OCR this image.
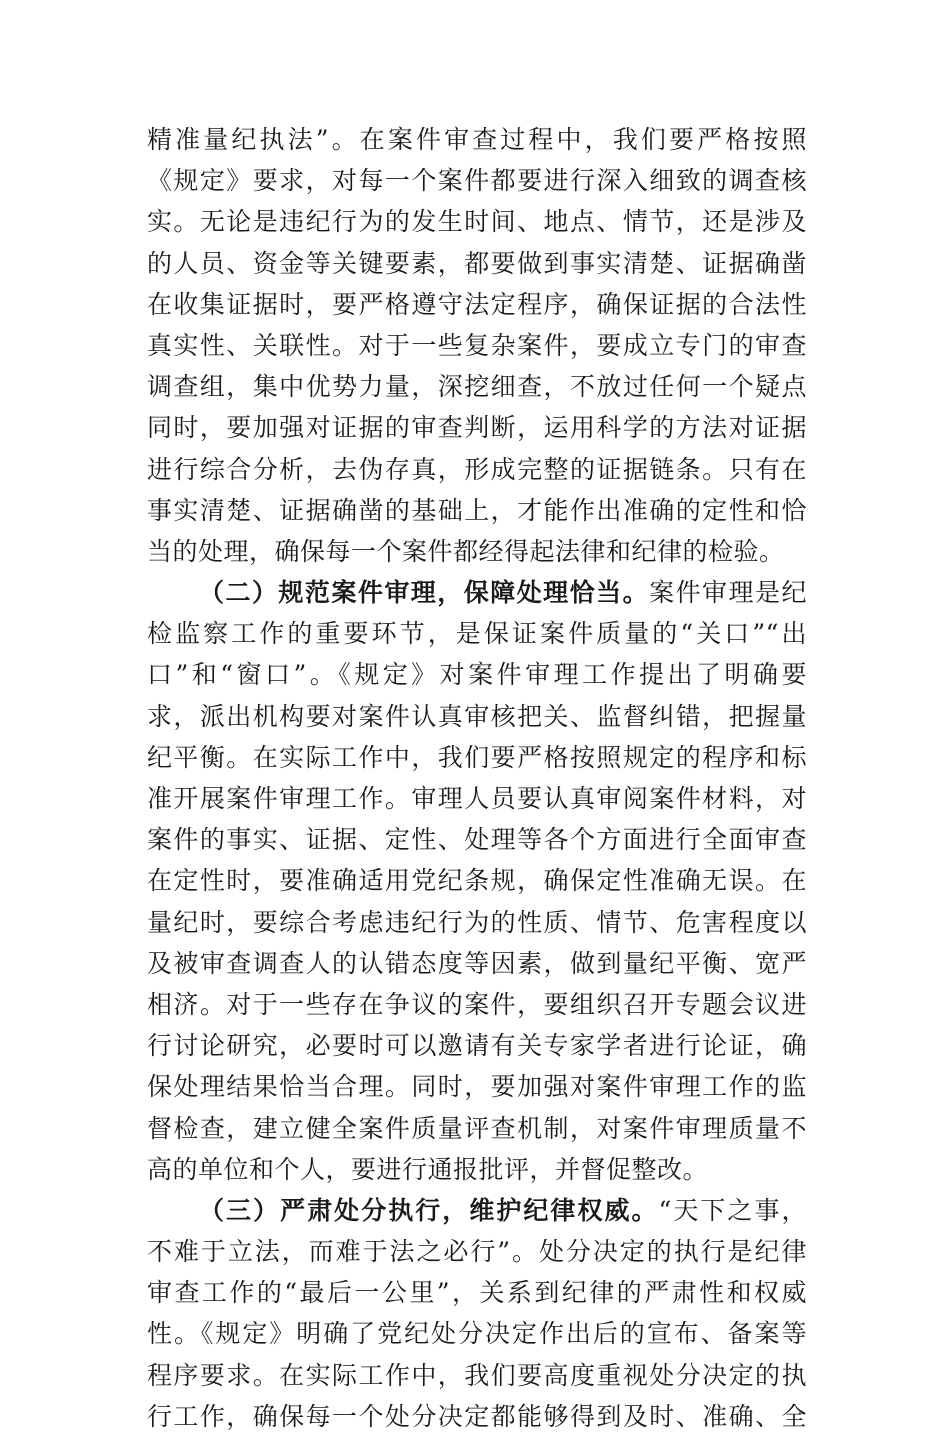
精准量纪执法”。在案件审查过程中，我们要严格按照
《规定》要求，对每一个案件都要进行深入细致的调查核
实。无论是违纪行为的发生时间、地点、情节，还是涉及
的人员、资金等关键要素，都要做到事实清楚、证据确凿
在收集证据时，要严格遵守法定程序，确保证据的合法性
真实性、关联性。对于一些复杂案件，要成立专门的审查
调查组，集中优势力量，深挖细查，不放过任何一个疑点
同时，要加强对证据的审查判断，运用科学的方法对证据
进行综合分析，去伪存真，形成完整的证据链条。只有在
事实清楚、证据确凿的基础上，才能作出准确的定性和恰
当的处理，确保每一个案件都经得起法律和纪律的检验。
（二）规范案件审理，保障处理恰当。案件审理是纪
检监察工作的重要环节，是保证案件质量的“关口”“出
口”和“窗口”。《规定》对案件审理工作提出了明确要
求，派出机构要对案件认真审核把关、监督纠错，把握量
纪平衡。在实际工作中，我们要严格按照规定的程序和标
准开展案件审理工作。审理人员要认真审阅案件材料，对
案件的事实、证据、定性、处理等各个方面进行全面审查
在定性时，要准确适用党纪条规，确保定性准确无误。在
量纪时，要综合考虑违纪行为的性质、情节、危害程度以
及被审查调查人的认错态度等因素，做到量纪平衡、宽严
相济。对于一些存在争议的案件，要组织召开专题会议进
行讨论研究，必要时可以邀请有关专家学者进行论证，确
保处理结果恰当合理。同时，要加强对案件审理工作的监
督检查，建立健全案件质量评查机制，对案件审理质量不
高的单位和个人，要进行通报批评，并督促整改。
（三）严肃处分执行，维护纪律权威。“天下之事，
不难于立法，而难于法之必行”。处分决定的执行是纪律
审查工作的“最后一公里”，关系到纪律的严肃性和权威
性。《规定》明确了党纪处分决定作出后的宣布、备案等
程序要求。在实际工作中，我们要高度重视处分决定的执
行工作，确保每一个处分决定都能够得到及时、准确、全
